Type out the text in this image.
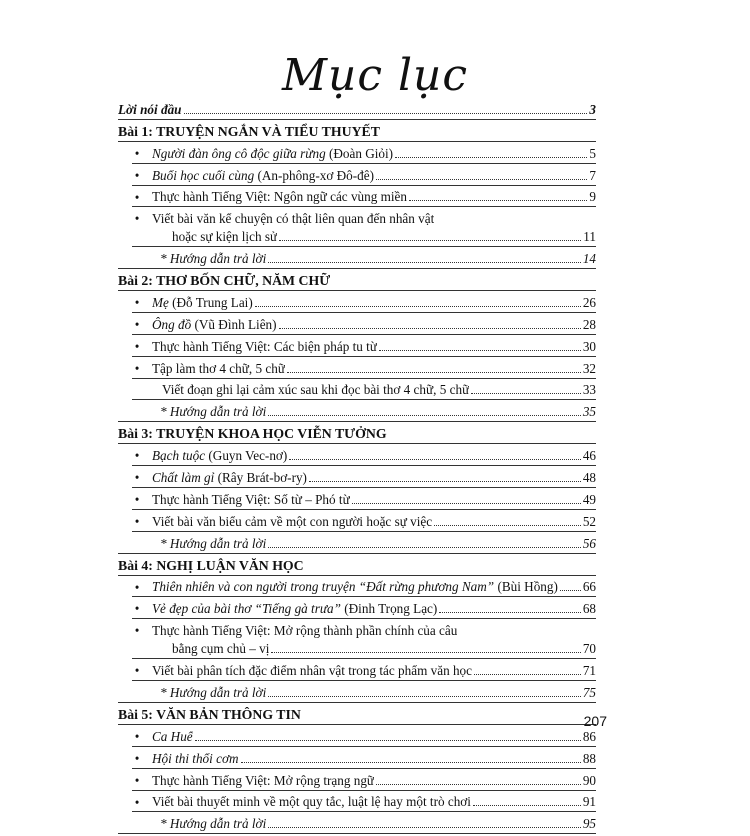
Mục lục
Lời nói đầu	3
Bài 1: TRUYỆN NGẮN VÀ TIỂU THUYẾT
Người đàn ông cô độc giữa rừng (Đoàn Giỏi)	5
•
Buổi học cuối cùng (An-phông-xơ Đô-đê)	7
•
Thực hành Tiếng Việt: Ngôn ngữ các vùng miền	9
•
Viết bài văn kể chuyện có thật liên quan đến nhân vật
•
hoặc sự kiện lịch sử	11
* Hướng dẫn trả lời	14
Bài 2: THƠ BỐN CHỮ, NĂM CHỮ
Mẹ (Đỗ Trung Lai)	26
•
Ông đồ (Vũ Đình Liên)	28
•
Thực hành Tiếng Việt: Các biện pháp tu từ	30
•
Tập làm thơ 4 chữ, 5 chữ	32
•
Viết đoạn ghi lại cảm xúc sau khi đọc bài thơ 4 chữ, 5 chữ	33
* Hướng dẫn trả lời	35
Bài 3: TRUYỆN KHOA HỌC VIỄN TƯỞNG
Bạch tuộc (Guyn Vec-nơ)	46
•
Chất làm gỉ (Rây Brát-bơ-ry)	48
•
Thực hành Tiếng Việt: Số từ – Phó từ	49
•
Viết bài văn biểu cảm về một con người hoặc sự việc	52
•
* Hướng dẫn trả lời	56
Bài 4: NGHỊ LUẬN VĂN HỌC
Thiên nhiên và con người trong truyện “Đất rừng phương Nam” (Bùi Hồng) 66
•
Vẻ đẹp của bài thơ “Tiếng gà trưa” (Đinh Trọng Lạc)	68
•
Thực hành Tiếng Việt: Mở rộng thành phần chính của câu
•
bằng cụm chủ – vị	70
Viết bài phân tích đặc điểm nhân vật trong tác phẩm văn học	71
•
* Hướng dẫn trả lời	75
Bài 5: VĂN BẢN THÔNG TIN
Ca Huế	86
•
Hội thi thổi cơm	88
•
Thực hành Tiếng Việt: Mở rộng trạng ngữ	90
•
Viết bài thuyết minh về một quy tắc, luật lệ hay một trò chơi	91
•
* Hướng dẫn trả lời	95
207
